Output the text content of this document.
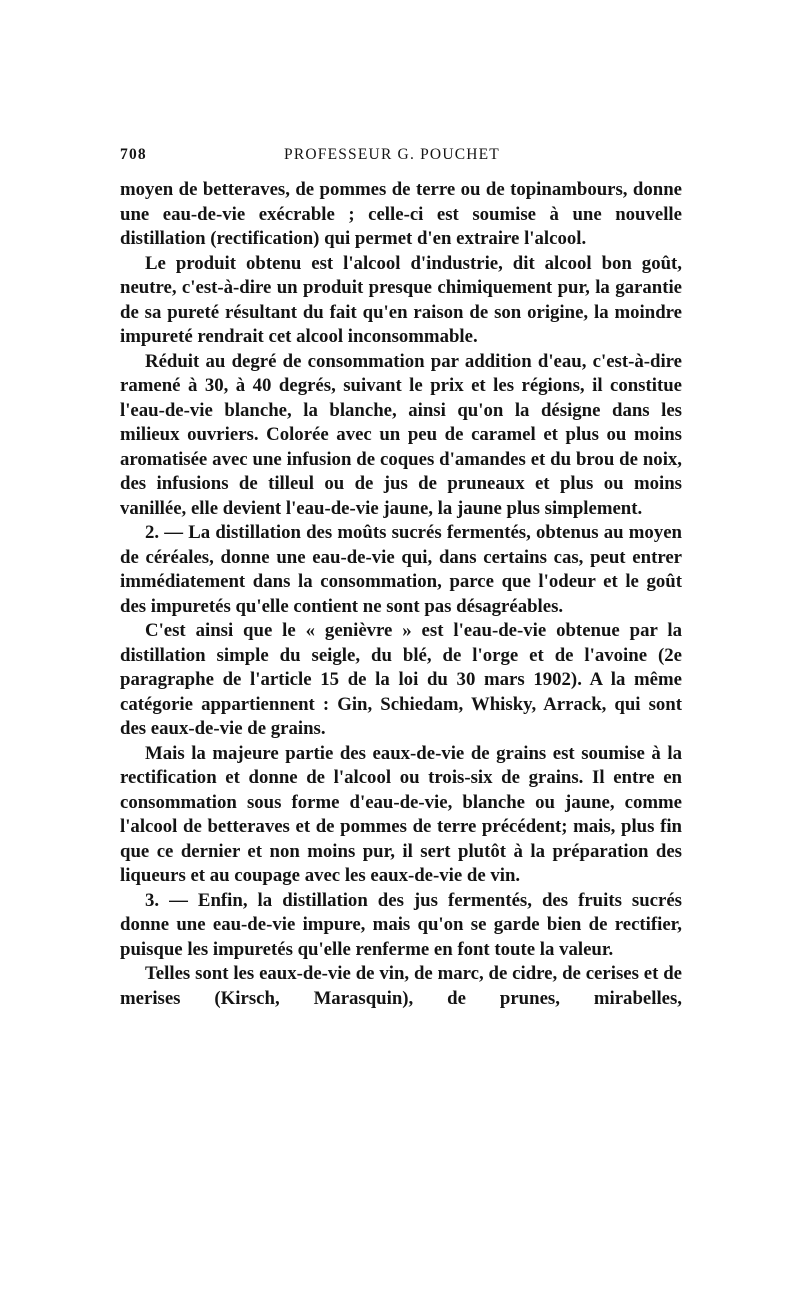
708	PROFESSEUR G. POUCHET

moyen de betteraves, de pommes de terre ou de topinambours, donne une eau-de-vie exécrable ; celle-ci est soumise à une nouvelle distillation (rectification) qui permet d'en extraire l'alcool.

Le produit obtenu est l'alcool d'industrie, dit alcool bon goût, neutre, c'est-à-dire un produit presque chimiquement pur, la garantie de sa pureté résultant du fait qu'en raison de son origine, la moindre impureté rendrait cet alcool inconsommable.

Réduit au degré de consommation par addition d'eau, c'est-à-dire ramené à 30, à 40 degrés, suivant le prix et les régions, il constitue l'eau-de-vie blanche, la blanche, ainsi qu'on la désigne dans les milieux ouvriers. Colorée avec un peu de caramel et plus ou moins aromatisée avec une infusion de coques d'amandes et du brou de noix, des infusions de tilleul ou de jus de pruneaux et plus ou moins vanillée, elle devient l'eau-de-vie jaune, la jaune plus simplement.

2. — La distillation des moûts sucrés fermentés, obtenus au moyen de céréales, donne une eau-de-vie qui, dans certains cas, peut entrer immédiatement dans la consommation, parce que l'odeur et le goût des impuretés qu'elle contient ne sont pas désagréables.

C'est ainsi que le « genièvre » est l'eau-de-vie obtenue par la distillation simple du seigle, du blé, de l'orge et de l'avoine (2e paragraphe de l'article 15 de la loi du 30 mars 1902). A la même catégorie appartiennent : Gin, Schiedam, Whisky, Arrack, qui sont des eaux-de-vie de grains.

Mais la majeure partie des eaux-de-vie de grains est soumise à la rectification et donne de l'alcool ou trois-six de grains. Il entre en consommation sous forme d'eau-de-vie, blanche ou jaune, comme l'alcool de betteraves et de pommes de terre précédent; mais, plus fin que ce dernier et non moins pur, il sert plutôt à la préparation des liqueurs et au coupage avec les eaux-de-vie de vin.

3. — Enfin, la distillation des jus fermentés, des fruits sucrés donne une eau-de-vie impure, mais qu'on se garde bien de rectifier, puisque les impuretés qu'elle renferme en font toute la valeur.

Telles sont les eaux-de-vie de vin, de marc, de cidre, de cerises et de merises (Kirsch, Marasquin), de prunes, mirabelles,
